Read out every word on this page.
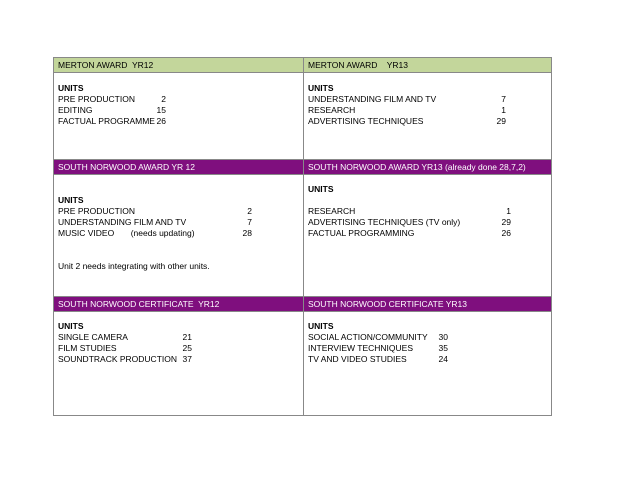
MERTON AWARD  YR12	MERTON AWARD    YR13
UNITS
PRE PRODUCTION	2
EDITING	15
FACTUAL PROGRAMME 26
UNITS
UNDERSTANDING FILM AND TV	7
RESEARCH	1
ADVERTISING TECHNIQUES	29
SOUTH NORWOOD AWARD YR 12	SOUTH NORWOOD AWARD YR13 (already done 28,7,2)
UNITS
PRE PRODUCTION	2
UNDERSTANDING FILM AND TV	7
MUSIC VIDEO       (needs updating)	28
Unit 2 needs integrating with other units.
UNITS
RESEARCH	1
ADVERTISING TECHNIQUES (TV only)	29
FACTUAL PROGRAMMING	26
SOUTH NORWOOD CERTIFICATE  YR12	SOUTH NORWOOD CERTIFICATE YR13
UNITS
SINGLE CAMERA	21
FILM STUDIES	25
SOUNDTRACK PRODUCTION 37
UNITS
SOCIAL ACTION/COMMUNITY	30
INTERVIEW TECHNIQUES	35
TV AND VIDEO STUDIES	24
